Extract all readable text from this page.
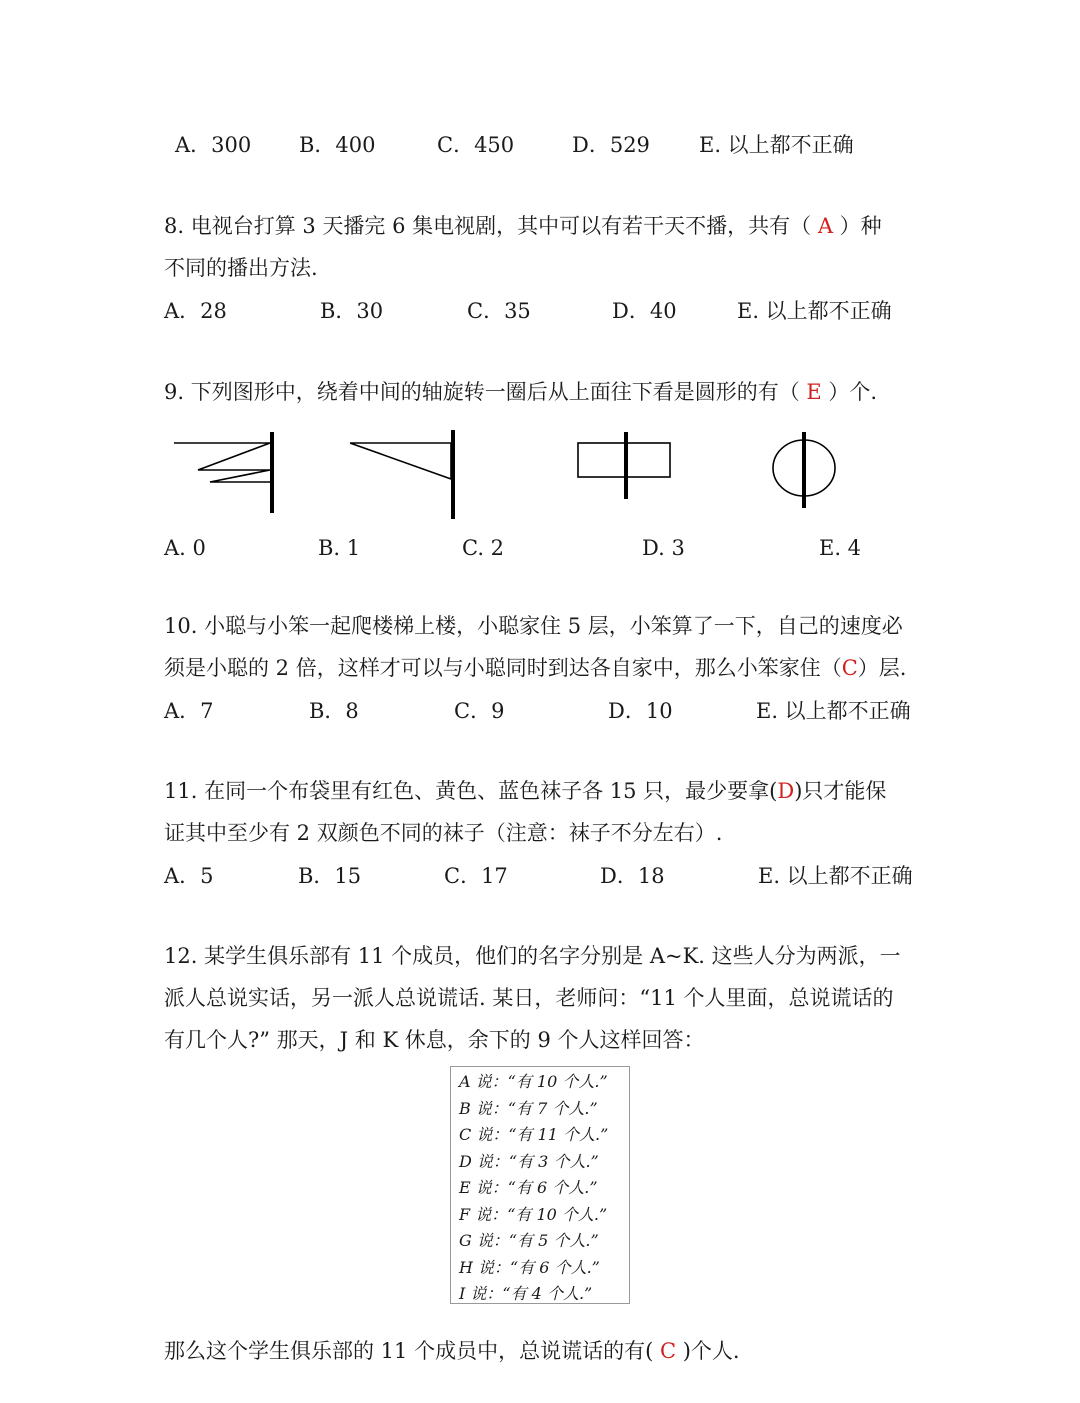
A．300 B．400	C．450	D．529 E. 以上都不正确
8. 电视台打算 3 天播完 6 集电视剧，其中可以有若干天不播，共有（ A ）种
不同的播出方法.
A．28	B．30	C．35	D．40	E. 以上都不正确
9. 下列图形中，绕着中间的轴旋转一圈后从上面往下看是圆形的有（ E ）个.
A. 0	B. 1	C. 2	D. 3	E. 4
10. 小聪与小笨一起爬楼梯上楼，小聪家住 5 层，小笨算了一下，自己的速度必
须是小聪的 2 倍，这样才可以与小聪同时到达各自家中，那么小笨家住（C）层.
A．7	B．8	C．9	D．10	E. 以上都不正确
11. 在同一个布袋里有红色、黄色、蓝色袜子各 15 只，最少要拿(D)只才能保
证其中至少有 2 双颜色不同的袜子（注意：袜子不分左右）.
A．5	B．15	C．17	D．18	E. 以上都不正确
12. 某学生俱乐部有 11 个成员，他们的名字分别是 A~K. 这些人分为两派，一
派人总说实话，另一派人总说谎话. 某日，老师问：“11 个人里面，总说谎话的
有几个人?” 那天，J 和 K 休息，余下的 9 个人这样回答：
A 说：“有 10 个人.”
B 说：“有 7 个人.”
C 说：“有 11 个人.”
D 说：“有 3 个人.”
E 说：“有 6 个人.”
F 说：“有 10 个人.”
G 说：“有 5 个人.”
H 说：“有 6 个人.”
I 说：“有 4 个人.”
那么这个学生俱乐部的 11 个成员中，总说谎话的有( C )个人.
